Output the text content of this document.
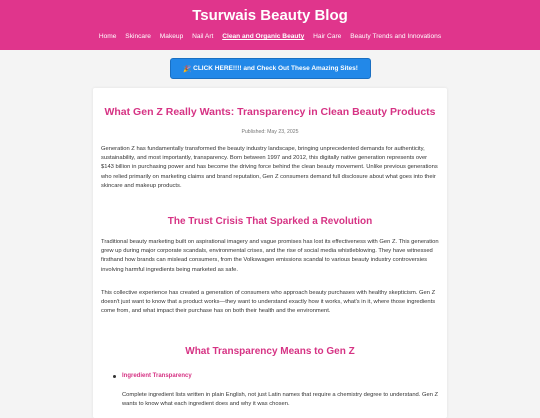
Tsurwais Beauty Blog
Home Skincare Makeup Nail Art Clean and Organic Beauty Hair Care Beauty Trends and Innovations
🎉 CLICK HERE!!!! and Check Out These Amazing Sites!
What Gen Z Really Wants: Transparency in Clean Beauty Products
Published: May 23, 2025

Generation Z has fundamentally transformed the beauty industry landscape, bringing unprecedented demands for authenticity, sustainability, and most importantly, transparency. Born between 1997 and 2012, this digitally native generation represents over $143 billion in purchasing power and has become the driving force behind the clean beauty movement. Unlike previous generations who relied primarily on marketing claims and brand reputation, Gen Z consumers demand full disclosure about what goes into their skincare and makeup products.

The Trust Crisis That Sparked a Revolution

Traditional beauty marketing built on aspirational imagery and vague promises has lost its effectiveness with Gen Z. This generation grew up during major corporate scandals, environmental crises, and the rise of social media whistleblowing. They have witnessed firsthand how brands can mislead consumers, from the Volkswagen emissions scandal to various beauty industry controversies involving harmful ingredients being marketed as safe.

This collective experience has created a generation of consumers who approach beauty purchases with healthy skepticism. Gen Z doesn't just want to know that a product works—they want to understand exactly how it works, what's in it, where those ingredients come from, and what impact their purchase has on both their health and the environment.

What Transparency Means to Gen Z
Ingredient Transparency

Complete ingredient lists written in plain English, not just Latin names that require a chemistry degree to understand. Gen Z wants to know what each ingredient does and why it was chosen.
